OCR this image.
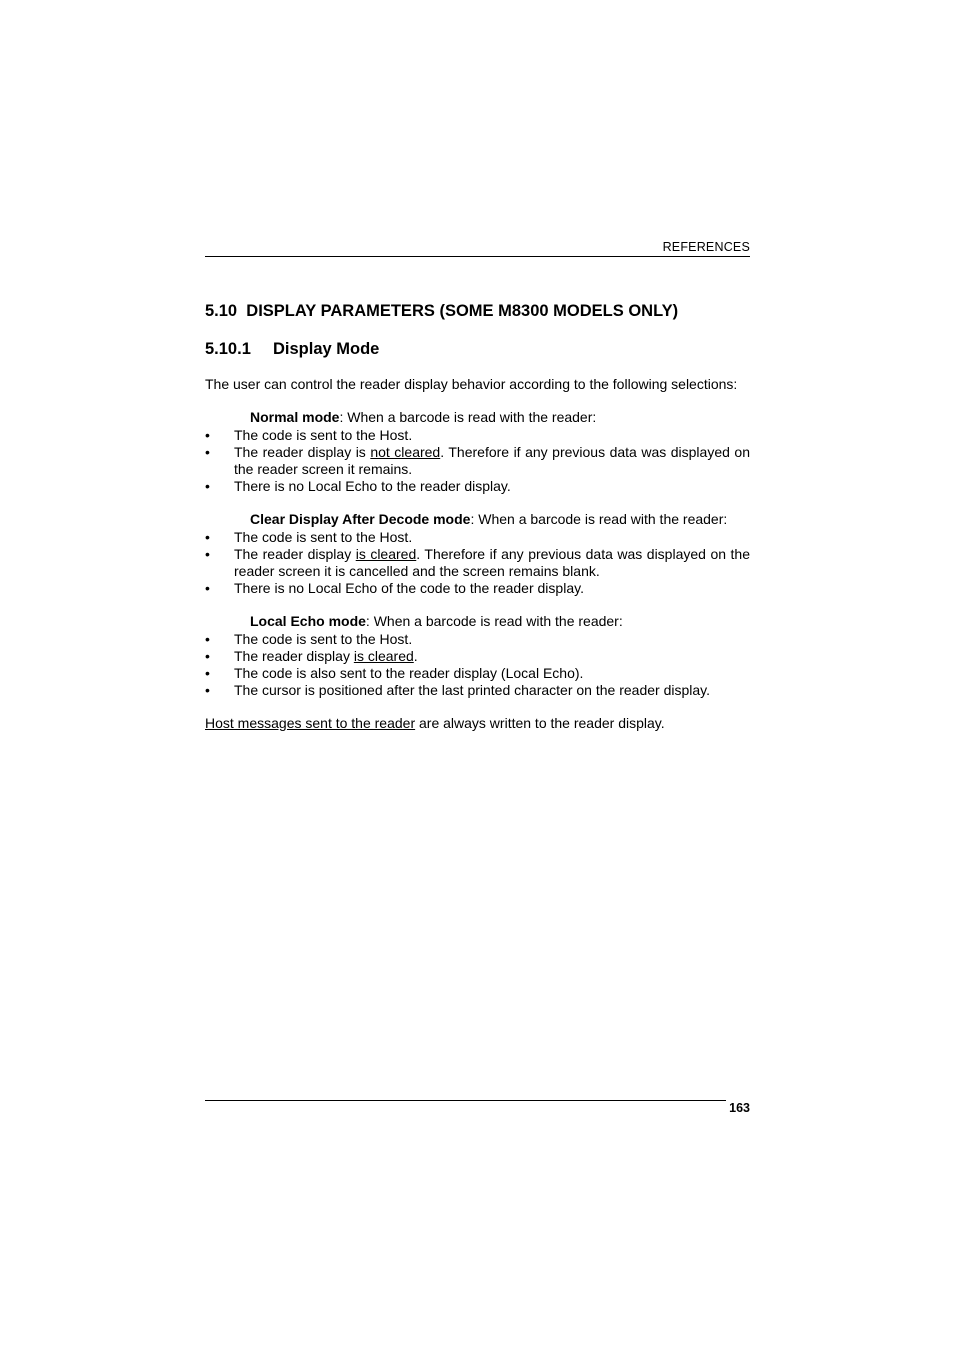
REFERENCES
5.10 DISPLAY PARAMETERS (SOME M8300 MODELS ONLY)
5.10.1 Display Mode

The user can control the reader display behavior according to the following selections:

Normal mode: When a barcode is read with the reader:

• The code is sent to the Host.
• The reader display is not cleared. Therefore if any previous data was displayed on the reader screen it remains.
• There is no Local Echo to the reader display.

Clear Display After Decode mode: When a barcode is read with the reader:

• The code is sent to the Host.
• The reader display is cleared. Therefore if any previous data was displayed on the reader screen it is cancelled and the screen remains blank.
• There is no Local Echo of the code to the reader display.

Local Echo mode: When a barcode is read with the reader:

• The code is sent to the Host.
• The reader display is cleared.
• The code is also sent to the reader display (Local Echo).
• The cursor is positioned after the last printed character on the reader display.

Host messages sent to the reader are always written to the reader display.

163
